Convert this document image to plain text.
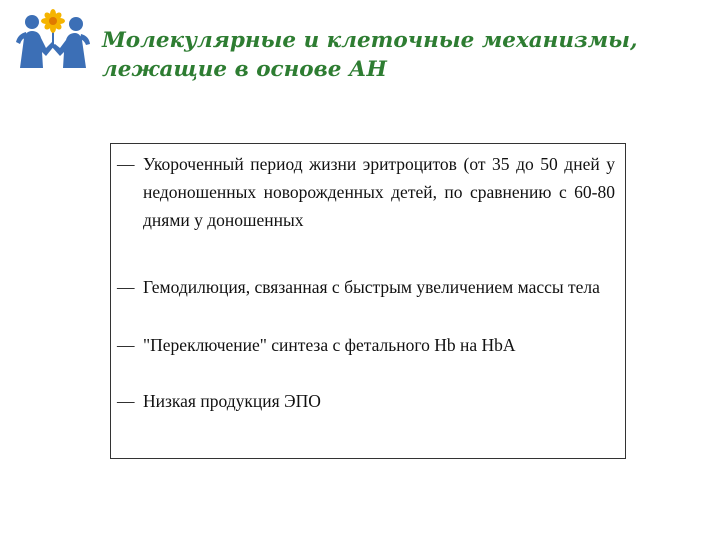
Молекулярные и клеточные механизмы,
лежащие в основе АН
— Укороченный период жизни эритроцитов (от 35 до 50 дней у недоношенных новорожденных детей, по сравнению с 60-80 днями у доношенных
— Гемодилюция, связанная с быстрым увеличением массы тела
— "Переключение" синтеза с фетального Hb на HbA
— Низкая продукция ЭПО
